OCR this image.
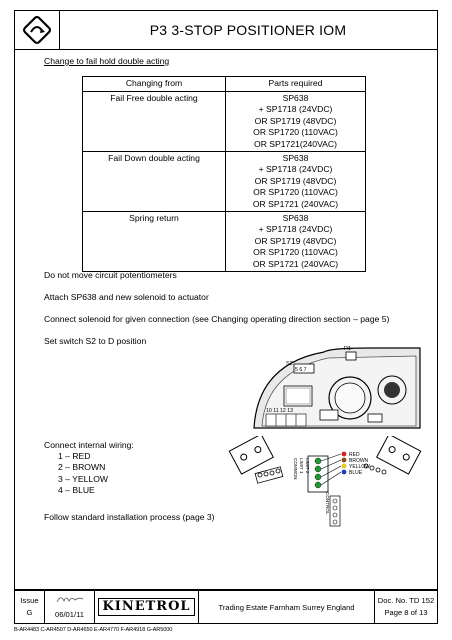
P3 3-STOP POSITIONER IOM
Change to fail hold double acting
Changing from	Parts required
Fail Free double acting	SP638
+ SP1718 (24VDC)
OR SP1719 (48VDC)
OR SP1720 (110VAC)
OR SP1721(240VAC)

Fail Down double acting	SP638
+ SP1718 (24VDC)
OR SP1719 (48VDC)
OR SP1720 (110VAC)
OR SP1721 (240VAC)

Spring return	SP638
+ SP1718 (24VDC)
OR SP1719 (48VDC)
OR SP1720 (110VAC)
OR SP1721 (240VAC)
Do not move circuit potentiometers
Attach SP638 and new solenoid to actuator
Connect solenoid for given connection (see Changing operating direction section – page 5)
Set switch S2 to D position
S2
5 6 7
R1
10 11 12 13
Connect internal wiring:
1 – RED
2 – BROWN
3 – YELLOW
4 – BLUE
RED
BROWN
YELLOW
BLUE
COMMON LIMIT 1 LIMIT 2
CONTROL
Follow standard installation process (page 3)
Issue
G	06/01/11
KINETROL	Trading Estate Farnham Surrey England
Doc. No. TD 152
Page 8 of 13
B-AR4483 C-AR4507 D-AR4650 E-AR4770 F-AR4918 G-AR5000
